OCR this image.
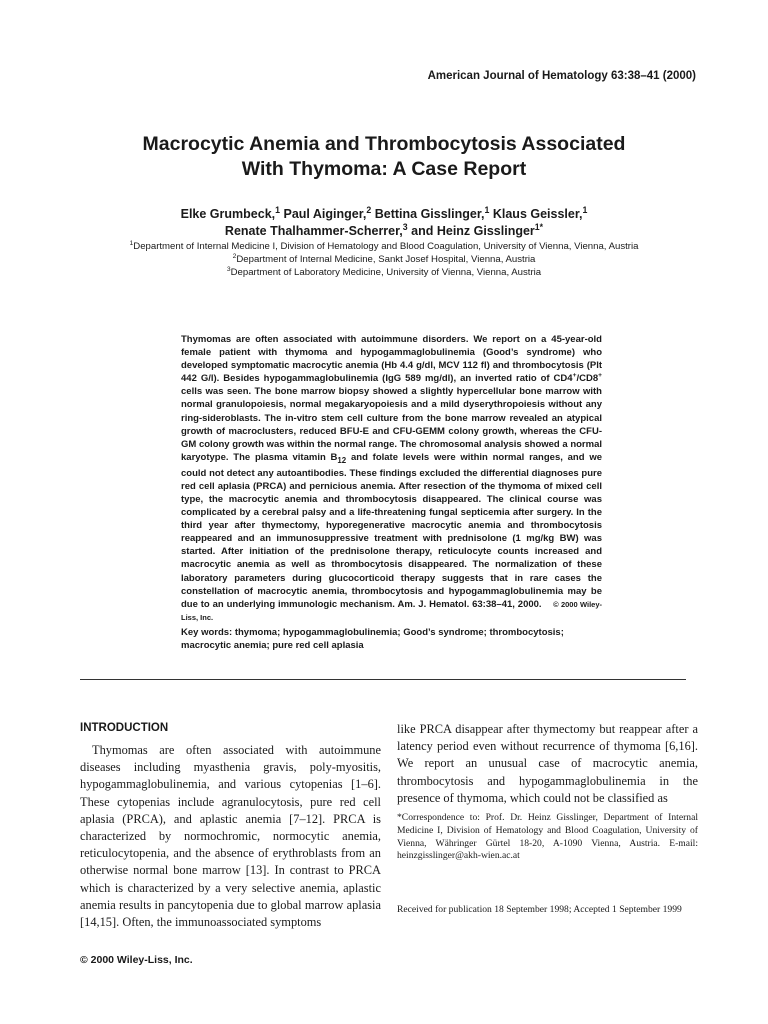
American Journal of Hematology 63:38–41 (2000)
Macrocytic Anemia and Thrombocytosis Associated
With Thymoma: A Case Report
Elke Grumbeck,$^1$ Paul Aiginger,$^2$ Bettina Gisslinger,$^1$ Klaus Geissler,$^1$
Renate Thalhammer-Scherrer,$^3$ and Heinz Gisslinger$^{1*}$
$^1$Department of Internal Medicine I, Division of Hematology and Blood Coagulation, University of Vienna, Vienna, Austria
$^2$Department of Internal Medicine, Sankt Josef Hospital, Vienna, Austria
$^3$Department of Laboratory Medicine, University of Vienna, Vienna, Austria

Thymomas are often associated with autoimmune disorders. We report on a 45-year-old female patient with thymoma and hypogammaglobulinemia (Good’s syndrome) who developed symptomatic macrocytic anemia (Hb 4.4 g/dl, MCV 112 fl) and thrombocytosis (Plt 442 G/l). Besides hypogammaglobulinemia (IgG 589 mg/dl), an inverted ratio of CD4+/CD8+ cells was seen. The bone marrow biopsy showed a slightly hypercellular bone marrow with normal granulopoiesis, normal megakaryopoiesis and a mild dyserythropoiesis without any ring-sideroblasts. The in-vitro stem cell culture from the bone marrow revealed an atypical growth of macroclusters, reduced BFU-E and CFU-GEMM colony growth, whereas the CFU-GM colony growth was within the normal range. The chromosomal analysis showed a normal karyotype. The plasma vitamin $B_{12}$ and folate levels were within normal ranges, and we could not detect any autoantibodies. These findings excluded the differential diagnoses pure red cell aplasia (PRCA) and pernicious anemia. After resection of the thymoma of mixed cell type, the macrocytic anemia and thrombocytosis disappeared. The clinical course was complicated by a cerebral palsy and a life-threatening fungal septicemia after surgery. In the third year after thymectomy, hyporegenerative macrocytic anemia and thrombocytosis reappeared and an immunosuppressive treatment with prednisolone (1 mg/kg BW) was started. After initiation of the prednisolone therapy, reticulocyte counts increased and macrocytic anemia as well as thrombocytosis disappeared. The normalization of these laboratory parameters during glucocorticoid therapy suggests that in rare cases the constellation of macrocytic anemia, thrombocytosis and hypogammaglobulinemia may be due to an underlying immunologic mechanism. Am. J. Hematol. 63:38–41, 2000. © 2000 Wiley-Liss, Inc.

Key words: thymoma; hypogammaglobulinemia; Good’s syndrome; thrombocytosis; macrocytic anemia; pure red cell aplasia

INTRODUCTION

Thymomas are often associated with autoimmune diseases including myasthenia gravis, poly-myositis, hypogammaglobulinemia, and various cytopenias [1–6]. These cytopenias include agranulocytosis, pure red cell aplasia (PRCA), and aplastic anemia [7–12]. PRCA is characterized by normochromic, normocytic anemia, reticulocytopenia, and the absence of erythroblasts from an otherwise normal bone marrow [13]. In contrast to PRCA which is characterized by a very selective anemia, aplastic anemia results in pancytopenia due to global marrow aplasia [14,15]. Often, the immunoassociated symptoms

like PRCA disappear after thymectomy but reappear after a latency period even without recurrence of thymoma [6,16]. We report an unusual case of macrocytic anemia, thrombocytosis and hypogammaglobulinemia in the presence of thymoma, which could not be classified as

*Correspondence to: Prof. Dr. Heinz Gisslinger, Department of Internal Medicine I, Division of Hematology and Blood Coagulation, University of Vienna, Währinger Gürtel 18-20, A-1090 Vienna, Austria. E-mail: heinzgisslinger@akh-wien.ac.at

Received for publication 18 September 1998; Accepted 1 September 1999

© 2000 Wiley-Liss, Inc.
